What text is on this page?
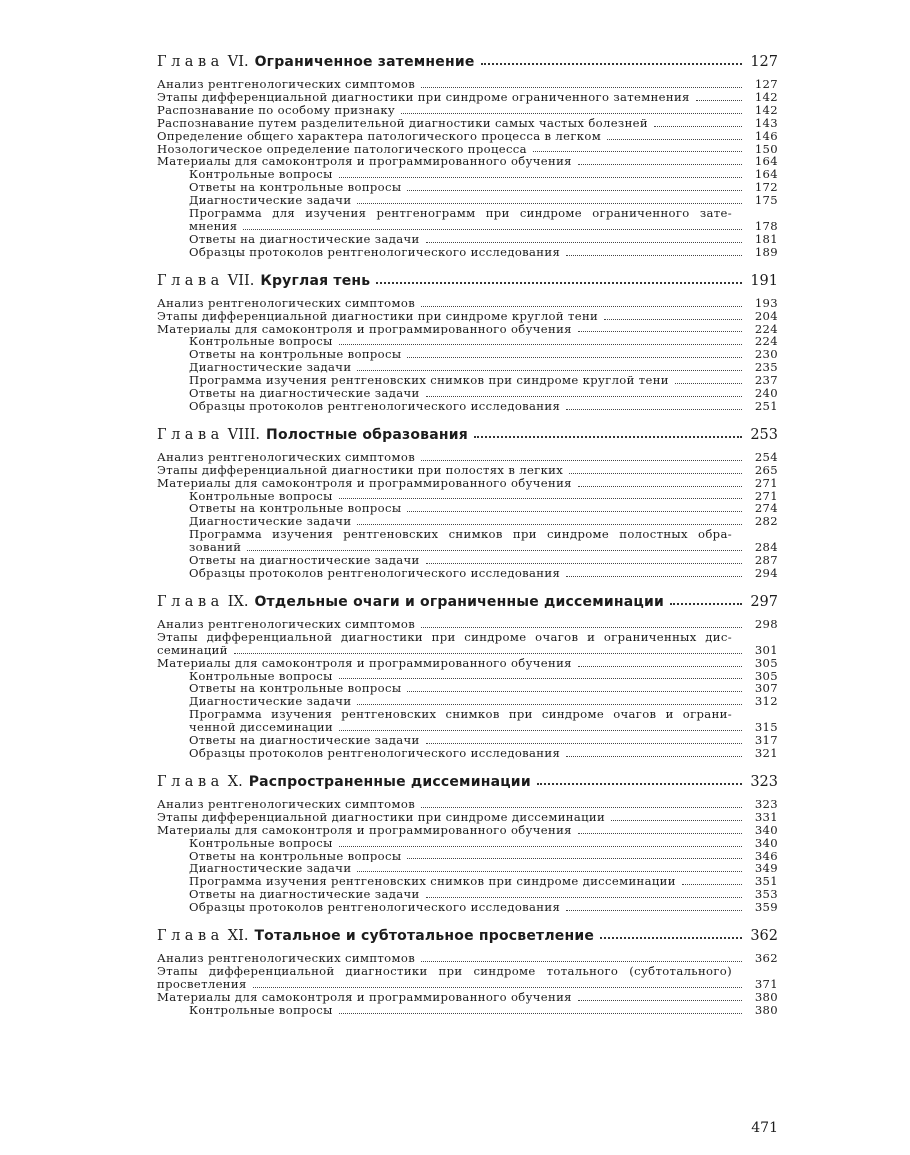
Глава VI. Ограниченное затемнение	127
Анализ рентгенологических симптомов	127
Этапы дифференциальной диагностики при синдроме ограниченного затемнения	142
Распознавание по особому признаку	142
Распознавание путем разделительной диагностики самых частых болезней	143
Определение общего характера патологического процесса в легком	146
Нозологическое определение патологического процесса	150
Материалы для самоконтроля и программированного обучения	164
Контрольные вопросы	164
Ответы на контрольные вопросы	172
Диагностические задачи	175
Программа для изучения рентгенограмм при синдроме ограниченного зате-
мнения	178
Ответы на диагностические задачи	181
Образцы протоколов рентгенологического исследования	189
Глава VII. Круглая тень	191
Анализ рентгенологических симптомов	193
Этапы дифференциальной диагностики при синдроме круглой тени	204
Материалы для самоконтроля и программированного обучения	224
Контрольные вопросы	224
Ответы на контрольные вопросы	230
Диагностические задачи	235
Программа изучения рентгеновских снимков при синдроме круглой тени	237
Ответы на диагностические задачи	240
Образцы протоколов рентгенологического исследования	251
Глава VIII. Полостные образования	253
Анализ рентгенологических симптомов	254
Этапы дифференциальной диагностики при полостях в легких	265
Материалы для самоконтроля и программированного обучения	271
Контрольные вопросы	271
Ответы на контрольные вопросы	274
Диагностические задачи	282
Программа изучения рентгеновских снимков при синдроме полостных обра-
зований	284
Ответы на диагностические задачи	287
Образцы протоколов рентгенологического исследования	294
Глава IX. Отдельные очаги и ограниченные диссеминации	297
Анализ рентгенологических симптомов	298
Этапы дифференциальной диагностики при синдроме очагов и ограниченных дис-
семинаций	301
Материалы для самоконтроля и программированного обучения	305
Контрольные вопросы	305
Ответы на контрольные вопросы	307
Диагностические задачи	312
Программа изучения рентгеновских снимков при синдроме очагов и ограни-
ченной диссеминации	315
Ответы на диагностические задачи	317
Образцы протоколов рентгенологического исследования	321
Глава X. Распространенные диссеминации	323
Анализ рентгенологических симптомов	323
Этапы дифференциальной диагностики при синдроме диссеминации	331
Материалы для самоконтроля и программированного обучения	340
Контрольные вопросы	340
Ответы на контрольные вопросы	346
Диагностические задачи	349
Программа изучения рентгеновских снимков при синдроме диссеминации	351
Ответы на диагностические задачи	353
Образцы протоколов рентгенологического исследования	359
Глава XI. Тотальное и субтотальное просветление	362
Анализ рентгенологических симптомов	362
Этапы дифференциальной диагностики при синдроме тотального (субтотального)
просветления	371
Материалы для самоконтроля и программированного обучения	380
Контрольные вопросы	380
471
